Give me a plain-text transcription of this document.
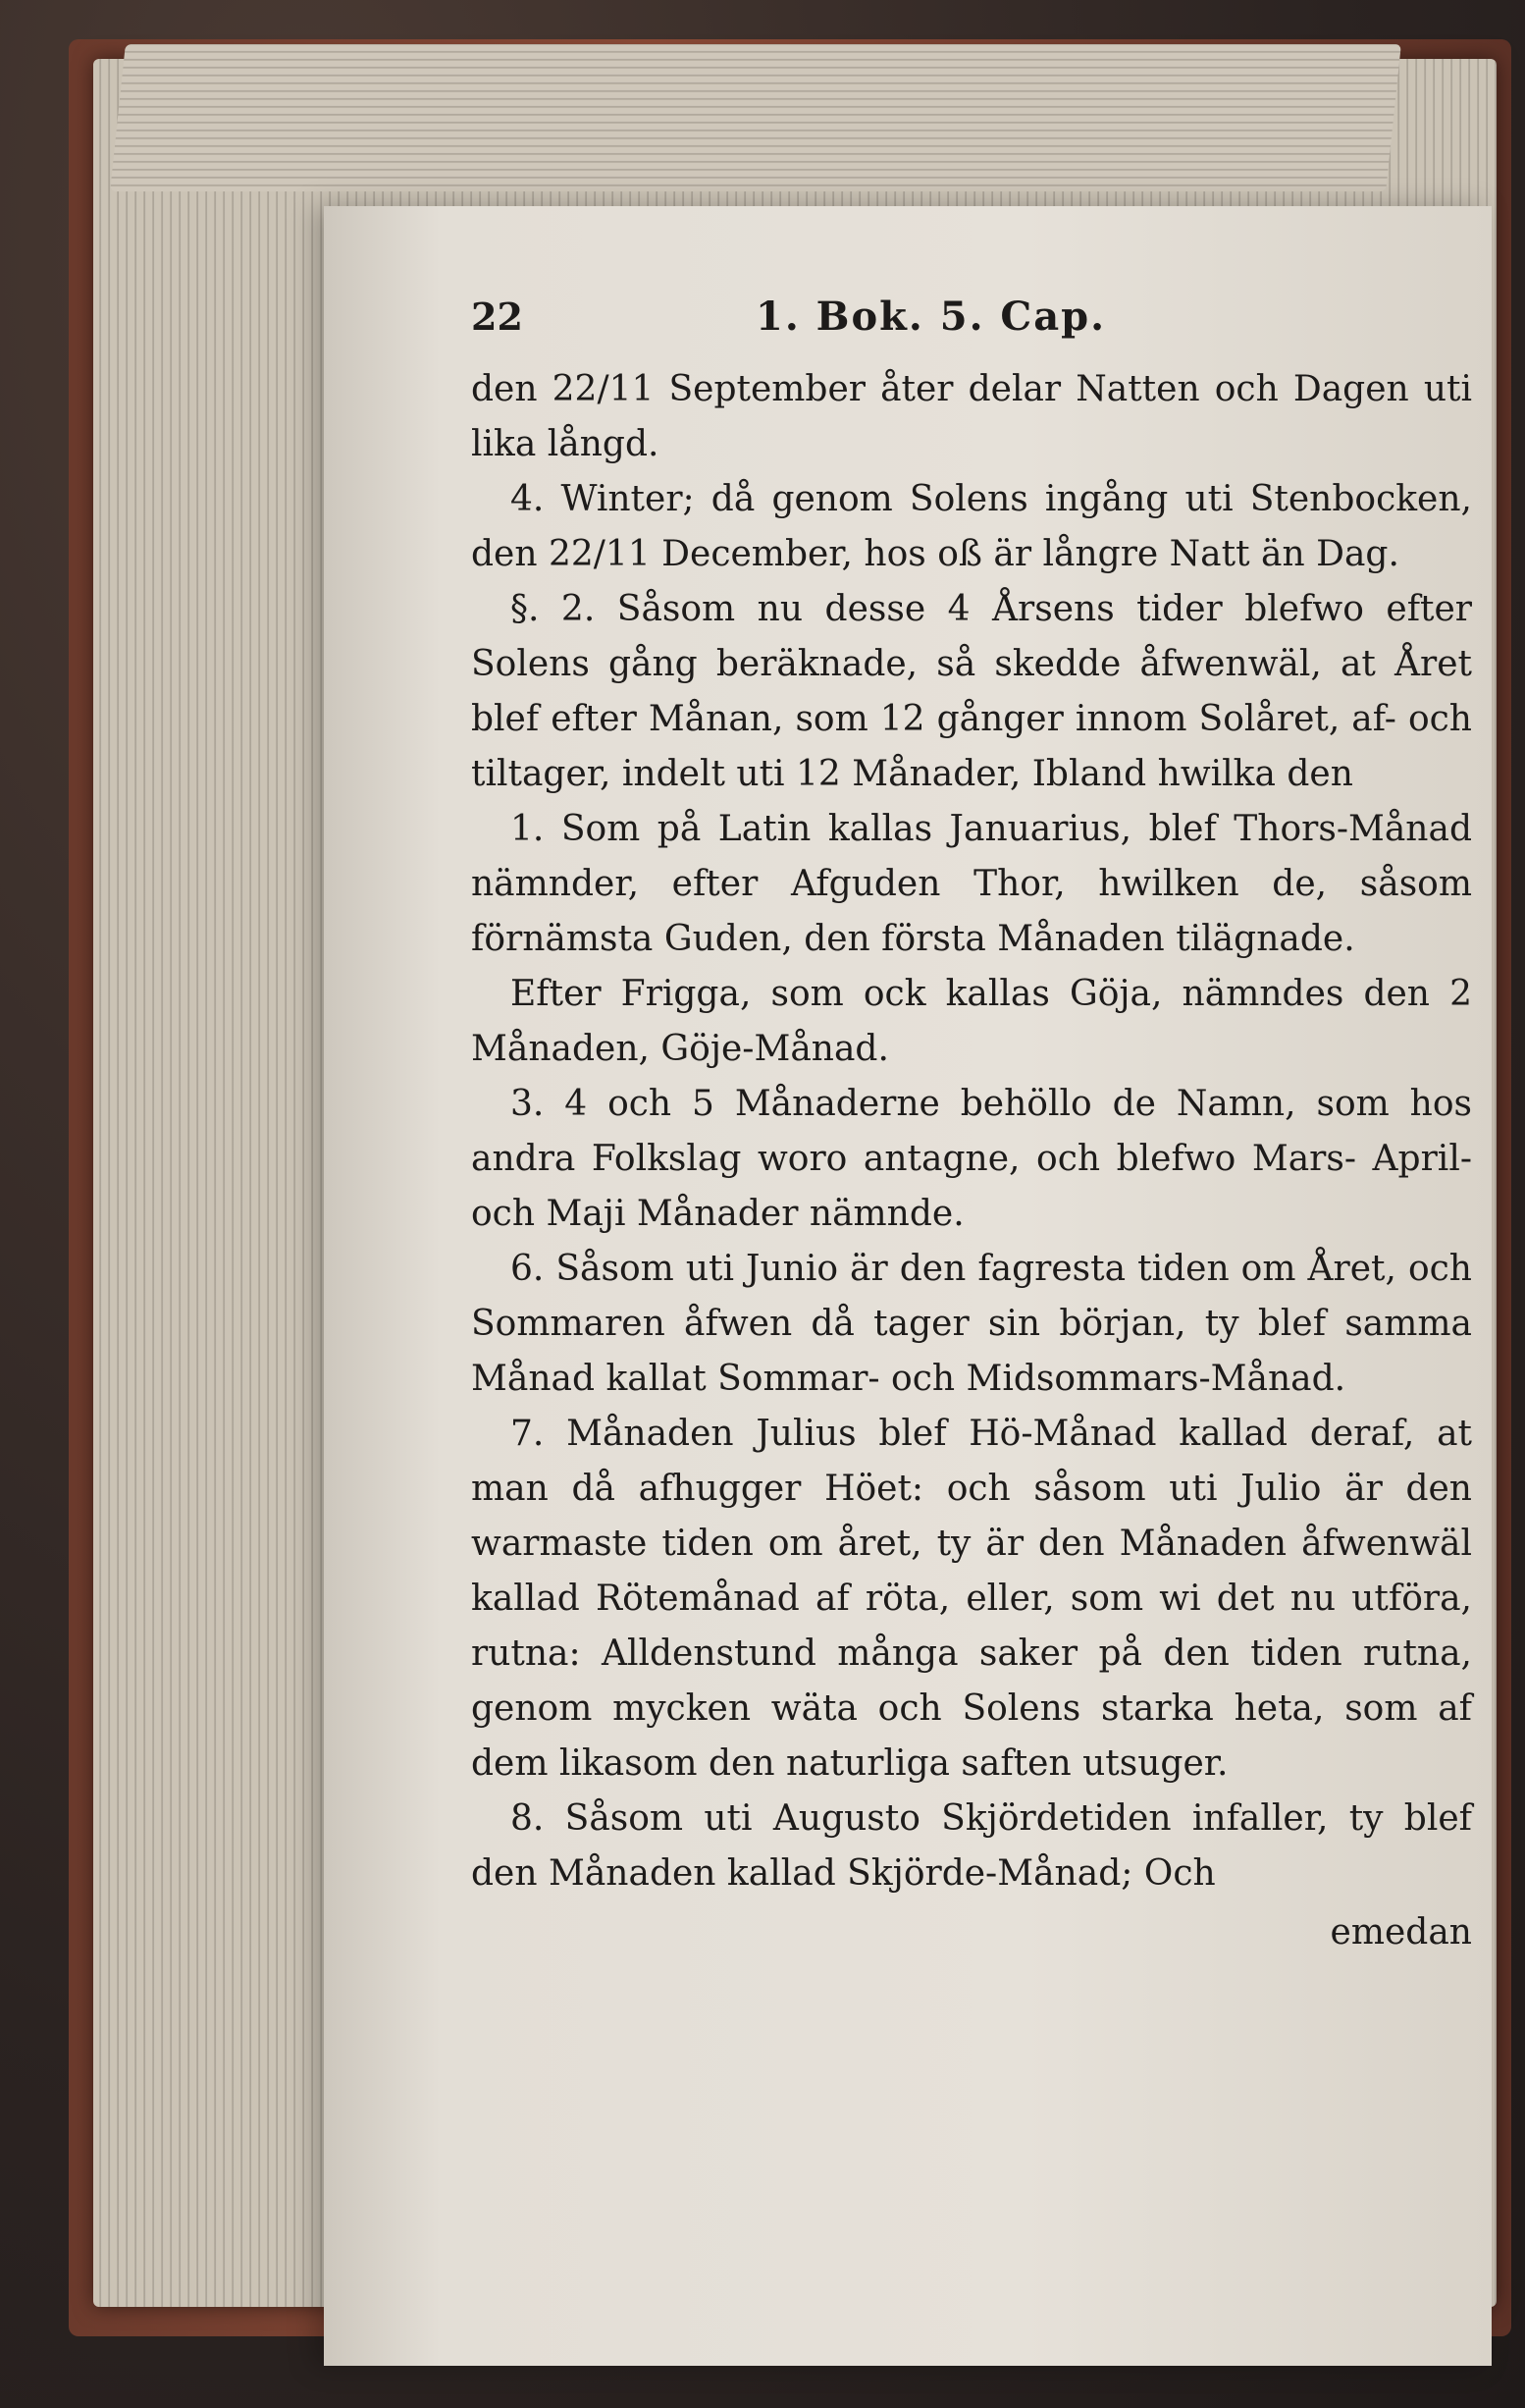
22	1. Bok. 5. Cap.

den 22/11 September åter delar Natten och Dagen uti lika långd.

4. Winter; då genom Solens ingång uti Stenbocken, den 22/11 December, hos oß är långre Natt än Dag.

§. 2. Såsom nu desse 4 Årsens tider blefwo efter Solens gång beräknade, så skedde åfwenwäl, at Året blef efter Månan, som 12 gånger innom Solåret, af- och tiltager, indelt uti 12 Månader, Ibland hwilka den

1. Som på Latin kallas Januarius, blef Thors-Månad nämnder, efter Afguden Thor, hwilken de, såsom förnämsta Guden, den första Månaden tilägnade.

Efter Frigga, som ock kallas Göja, nämndes den 2 Månaden, Göje-Månad.

3. 4 och 5 Månaderne behöllo de Namn, som hos andra Folkslag woro antagne, och blefwo Mars- April- och Maji Månader nämnde.

6. Såsom uti Junio är den fagresta tiden om Året, och Sommaren åfwen då tager sin början, ty blef samma Månad kallat Sommar- och Midsommars-Månad.

7. Månaden Julius blef Hö-Månad kallad deraf, at man då afhugger Höet: och såsom uti Julio är den warmaste tiden om året, ty är den Månaden åfwenwäl kallad Rötemånad af röta, eller, som wi det nu utföra, rutna: Alldenstund många saker på den tiden rutna, genom mycken wäta och Solens starka heta, som af dem likasom den naturliga saften utsuger.

8. Såsom uti Augusto Skjördetiden infaller, ty blef den Månaden kallad Skjörde-Månad; Och

emedan
